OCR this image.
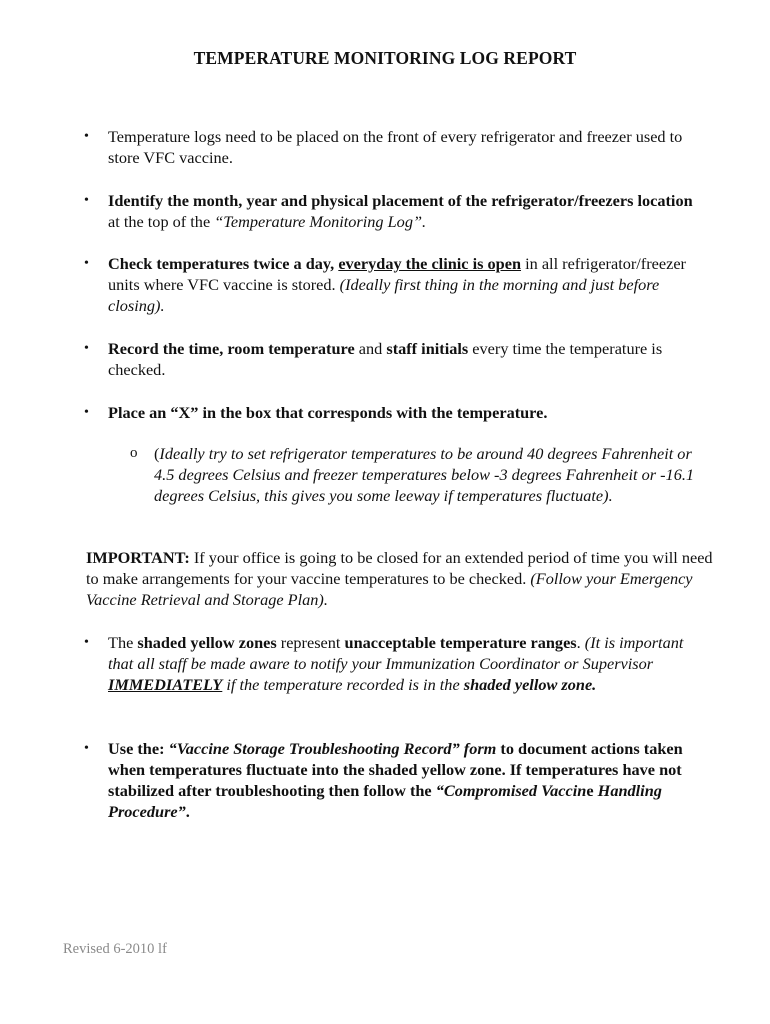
TEMPERATURE MONITORING LOG REPORT
•	Temperature logs need to be placed on the front of every refrigerator and freezer used to store VFC vaccine.

•	Identify the month, year and physical placement of the refrigerator/freezers location at the top of the “Temperature Monitoring Log”.

•	Check temperatures twice a day, everyday the clinic is open in all refrigerator/freezer units where VFC vaccine is stored. (Ideally first thing in the morning and just before closing).

•	Record the time, room temperature and staff initials every time the temperature is checked.

•	Place an “X” in the box that corresponds with the temperature.

o	(Ideally try to set refrigerator temperatures to be around 40 degrees Fahrenheit or 4.5 degrees Celsius and freezer temperatures below -3 degrees Fahrenheit or -16.1 degrees Celsius, this gives you some leeway if temperatures fluctuate).

IMPORTANT: If your office is going to be closed for an extended period of time you will need to make arrangements for your vaccine temperatures to be checked. (Follow your Emergency Vaccine Retrieval and Storage Plan).

•	The shaded yellow zones represent unacceptable temperature ranges. (It is important that all staff be made aware to notify your Immunization Coordinator or Supervisor IMMEDIATELY if the temperature recorded is in the shaded yellow zone.

•	Use the: “Vaccine Storage Troubleshooting Record” form to document actions taken when temperatures fluctuate into the shaded yellow zone. If temperatures have not stabilized after troubleshooting then follow the “Compromised Vaccine Handling Procedure”.

Revised 6-2010 lf
